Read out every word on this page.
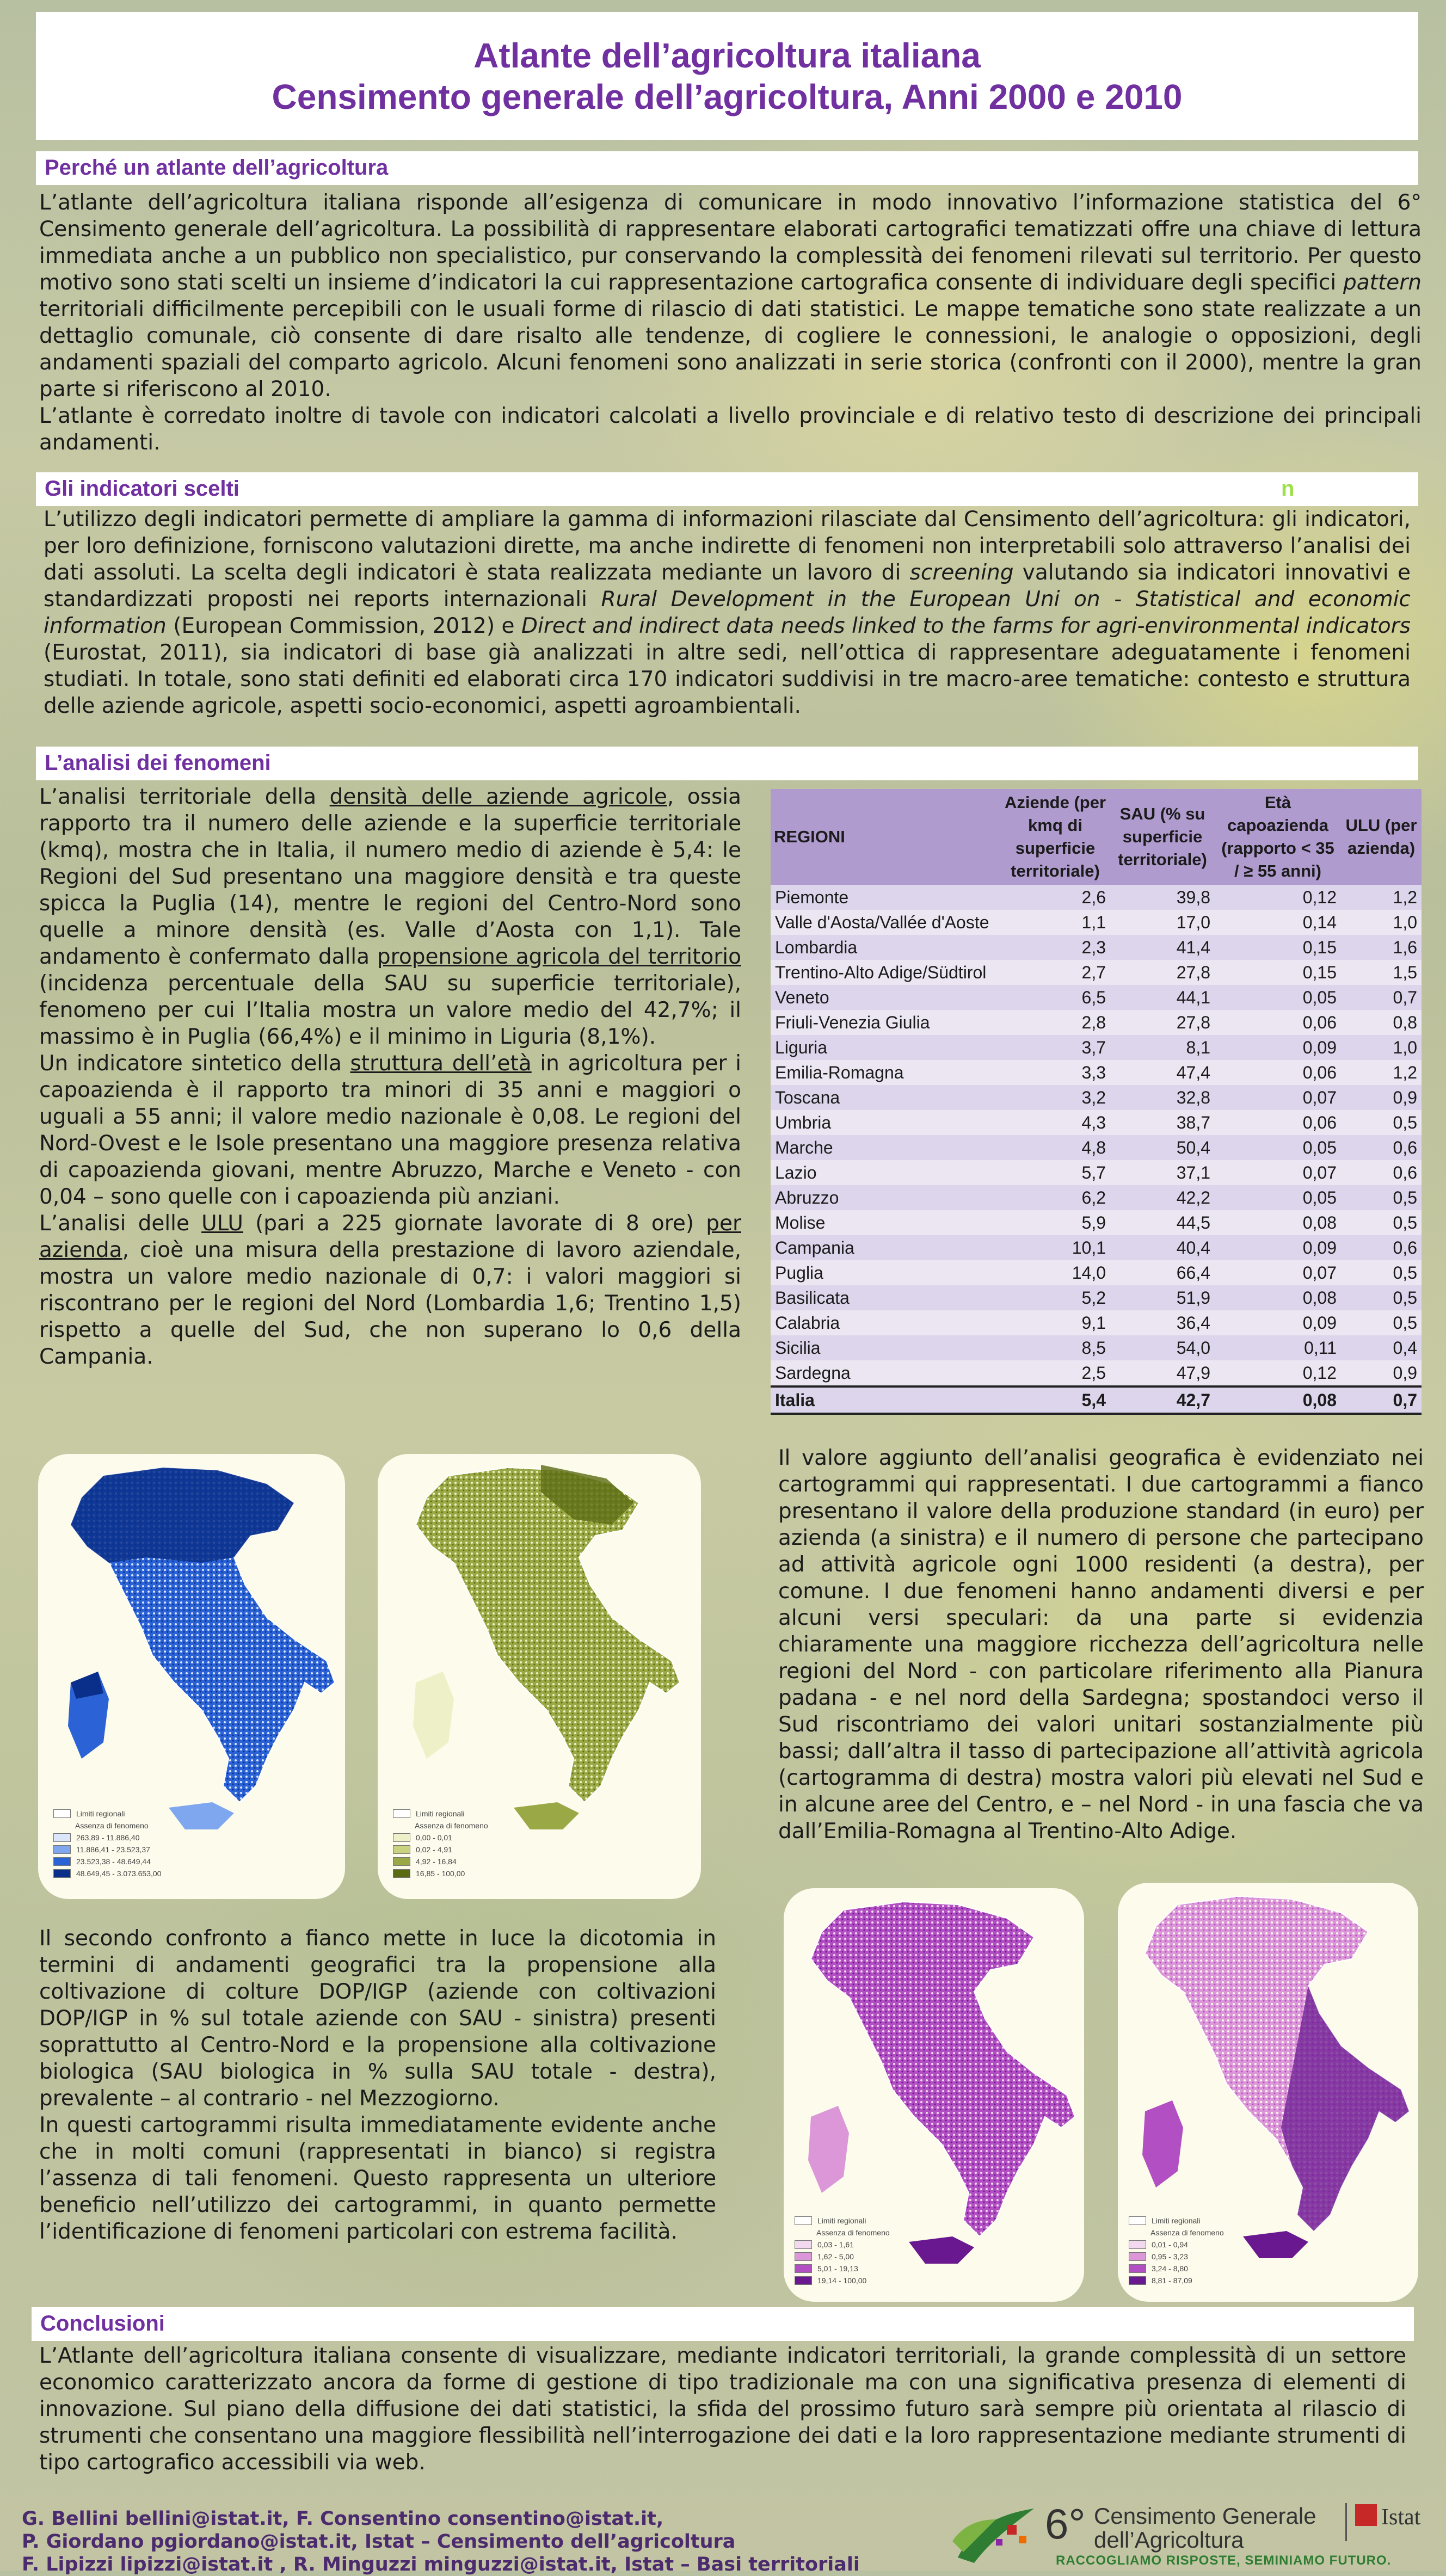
Atlante dell’agricoltura italiana
Censimento generale dell’agricoltura, Anni 2000 e 2010
Perché un atlante dell’agricoltura

L’atlante dell’agricoltura italiana risponde all’esigenza di comunicare in modo innovativo l’informazione statistica del 6° Censimento generale dell’agricoltura. La possibilità di rappresentare elaborati cartografici tematizzati offre una chiave di lettura immediata anche a un pubblico non specialistico, pur conservando la complessità dei fenomeni rilevati sul territorio. Per questo motivo sono stati scelti un insieme d’indicatori la cui rappresentazione cartografica consente di individuare degli specifici pattern territoriali difficilmente percepibili con le usuali forme di rilascio di dati statistici. Le mappe tematiche sono state realizzate a un dettaglio comunale, ciò consente di dare risalto alle tendenze, di cogliere le connessioni, le analogie o opposizioni, degli andamenti spaziali del comparto agricolo. Alcuni fenomeni sono analizzati in serie storica (confronti con il 2000), mentre la gran parte si riferiscono al 2010.

L’atlante è corredato inoltre di tavole con indicatori calcolati a livello provinciale e di relativo testo di descrizione dei principali andamenti.

Gli indicatori scelti	n

L’utilizzo degli indicatori permette di ampliare la gamma di informazioni rilasciate dal Censimento dell’agricoltura: gli indicatori, per loro definizione, forniscono valutazioni dirette, ma anche indirette di fenomeni non interpretabili solo attraverso l’analisi dei dati assoluti. La scelta degli indicatori è stata realizzata mediante un lavoro di screening valutando sia indicatori innovativi e standardizzati proposti nei reports internazionali Rural Development in the European Uni on - Statistical and economic information (European Commission, 2012) e Direct and indirect data needs linked to the farms for agri-environmental indicators (Eurostat, 2011), sia indicatori di base già analizzati in altre sedi, nell’ottica di rappresentare adeguatamente i fenomeni studiati. In totale, sono stati definiti ed elaborati circa 170 indicatori suddivisi in tre macro-aree tematiche: contesto e struttura delle aziende agricole, aspetti socio-economici, aspetti agroambientali.

L’analisi dei fenomeni

L’analisi territoriale della densità delle aziende agricole, ossia rapporto tra il numero delle aziende e la superficie territoriale (kmq), mostra che in Italia, il numero medio di aziende è 5,4: le Regioni del Sud presentano una maggiore densità e tra queste spicca la Puglia (14), mentre le regioni del Centro-Nord sono quelle a minore densità (es. Valle d’Aosta con 1,1). Tale andamento è confermato dalla propensione agricola del territorio (incidenza percentuale della SAU su superficie territoriale), fenomeno per cui l’Italia mostra un valore medio del 42,7%; il massimo è in Puglia (66,4%) e il minimo in Liguria (8,1%).

Un indicatore sintetico della struttura dell’età in agricoltura per i capoazienda è il rapporto tra minori di 35 anni e maggiori o uguali a 55 anni; il valore medio nazionale è 0,08. Le regioni del Nord-Ovest e le Isole presentano una maggiore presenza relativa di capoazienda giovani, mentre Abruzzo, Marche e Veneto - con 0,04 – sono quelle con i capoazienda più anziani.

L’analisi delle ULU (pari a 225 giornate lavorate di 8 ore) per azienda, cioè una misura della prestazione di lavoro aziendale, mostra un valore medio nazionale di 0,7: i valori maggiori si riscontrano per le regioni del Nord (Lombardia 1,6; Trentino 1,5) rispetto a quelle del Sud, che non superano lo 0,6 della Campania.

REGIONI	Aziende (per kmq di superficie territoriale)	SAU (% su superficie territoriale)	Età capoazienda (rapporto < 35 / ≥ 55 anni)	ULU (per azienda)
Piemonte	2,6	39,8	0,12	1,2
Valle d'Aosta/Vallée d'Aoste	1,1	17,0	0,14	1,0
Lombardia	2,3	41,4	0,15	1,6
Trentino-Alto Adige/Südtirol	2,7	27,8	0,15	1,5
Veneto	6,5	44,1	0,05	0,7
Friuli-Venezia Giulia	2,8	27,8	0,06	0,8
Liguria	3,7	8,1	0,09	1,0
Emilia-Romagna	3,3	47,4	0,06	1,2
Toscana	3,2	32,8	0,07	0,9
Umbria	4,3	38,7	0,06	0,5
Marche	4,8	50,4	0,05	0,6
Lazio	5,7	37,1	0,07	0,6
Abruzzo	6,2	42,2	0,05	0,5
Molise	5,9	44,5	0,08	0,5
Campania	10,1	40,4	0,09	0,6
Puglia	14,0	66,4	0,07	0,5
Basilicata	5,2	51,9	0,08	0,5
Calabria	9,1	36,4	0,09	0,5
Sicilia	8,5	54,0	0,11	0,4
Sardegna	2,5	47,9	0,12	0,9
Italia	5,4	42,7	0,08	0,7
Limiti regionali
Assenza di fenomeno
263,89 - 11.886,40
11.886,41 - 23.523,37
23.523,38 - 48.649,44
48.649,45 - 3.073.653,00
Limiti regionali
Assenza di fenomeno
0,00 - 0,01
0,02 - 4,91
4,92 - 16,84
16,85 - 100,00

Il valore aggiunto dell’analisi geografica è evidenziato nei cartogrammi qui rappresentati. I due cartogrammi a fianco presentano il valore della produzione standard (in euro) per azienda (a sinistra) e il numero di persone che partecipano ad attività agricole ogni 1000 residenti (a destra), per comune. I due fenomeni hanno andamenti diversi e per alcuni versi speculari: da una parte si evidenzia chiaramente una maggiore ricchezza dell’agricoltura nelle regioni del Nord - con particolare riferimento alla Pianura padana - e nel nord della Sardegna; spostandoci verso il Sud riscontriamo dei valori unitari sostanzialmente più bassi; dall’altra il tasso di partecipazione all’attività agricola (cartogramma di destra) mostra valori più elevati nel Sud e in alcune aree del Centro, e – nel Nord - in una fascia che va dall’Emilia-Romagna al Trentino-Alto Adige.

Limiti regionali
Assenza di fenomeno
0,03 - 1,61
1,62 - 5,00
5,01 - 19,13
19,14 - 100,00
Limiti regionali
Assenza di fenomeno
0,01 - 0,94
0,95 - 3,23
3,24 - 8,80
8,81 - 87,09

Il secondo confronto a fianco mette in luce la dicotomia in termini di andamenti geografici tra la propensione alla coltivazione di colture DOP/IGP (aziende con coltivazioni DOP/IGP in % sul totale aziende con SAU - sinistra) presenti soprattutto al Centro-Nord e la propensione alla coltivazione biologica (SAU biologica in % sulla SAU totale - destra), prevalente – al contrario - nel Mezzogiorno.

In questi cartogrammi risulta immediatamente evidente anche che in molti comuni (rappresentati in bianco) si registra l’assenza di tali fenomeni. Questo rappresenta un ulteriore beneficio nell’utilizzo dei cartogrammi, in quanto permette l’identificazione di fenomeni particolari con estrema facilità.

Conclusioni

L’Atlante dell’agricoltura italiana consente di visualizzare, mediante indicatori territoriali, la grande complessità di un settore economico caratterizzato ancora da forme di gestione di tipo tradizionale ma con una significativa presenza di elementi di innovazione. Sul piano della diffusione dei dati statistici, la sfida del prossimo futuro sarà sempre più orientata al rilascio di strumenti che consentano una maggiore flessibilità nell’interrogazione dei dati e la loro rappresentazione mediante strumenti di tipo cartografico accessibili via web.

G. Bellini bellini@istat.it, F. Consentino consentino@istat.it,
P. Giordano pgiordano@istat.it, Istat – Censimento dell’agricoltura
F. Lipizzi lipizzi@istat.it , R. Minguzzi minguzzi@istat.it, Istat – Basi territoriali
6° Censimento Generale
dell’Agricoltura
RACCOGLIAMO RISPOSTE, SEMINIAMO FUTURO.
Istat
